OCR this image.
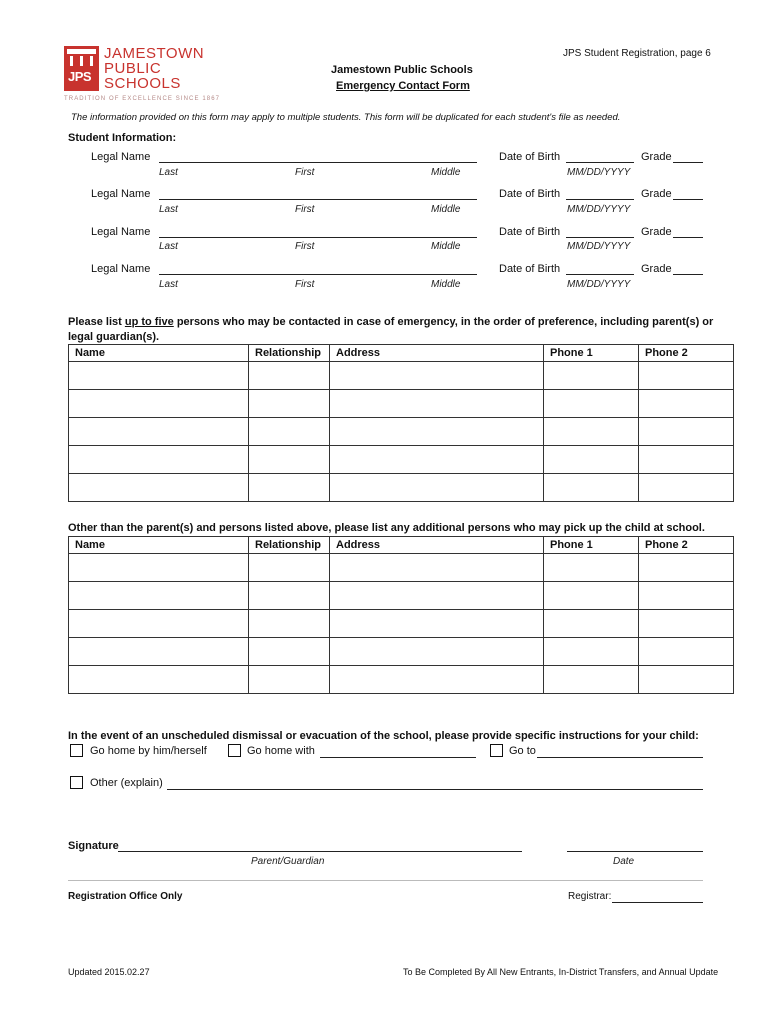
JPS
JAMESTOWN
PUBLIC
SCHOOLS
TRADITION OF EXCELLENCE SINCE 1867
JPS Student Registration, page 6
Jamestown Public Schools
Emergency Contact Form
The information provided on this form may apply to multiple students. This form will be duplicated for each student's file as needed.
Student Information:
Legal Name
Last	First	Middle
Date of Birth
MM/DD/YYYY
Grade
Legal Name
Last	First	Middle
Date of Birth
MM/DD/YYYY
Grade
Legal Name
Last	First	Middle
Date of Birth
MM/DD/YYYY
Grade
Legal Name
Last	First	Middle
Date of Birth
MM/DD/YYYY
Grade
Please list up to five persons who may be contacted in case of emergency, in the order of preference, including parent(s) or legal guardian(s).
Name	Relationship	Address	Phone 1	Phone 2

Other than the parent(s) and persons listed above, please list any additional persons who may pick up the child at school.
Name	Relationship	Address	Phone 1	Phone 2

In the event of an unscheduled dismissal or evacuation of the school, please provide specific instructions for your child:
Go home by him/herself	Go home with	Go to
Other (explain)
Signature
Parent/Guardian	Date
Registration Office Only	Registrar:
Updated 2015.02.27	To Be Completed By All New Entrants, In-District Transfers, and Annual Update
